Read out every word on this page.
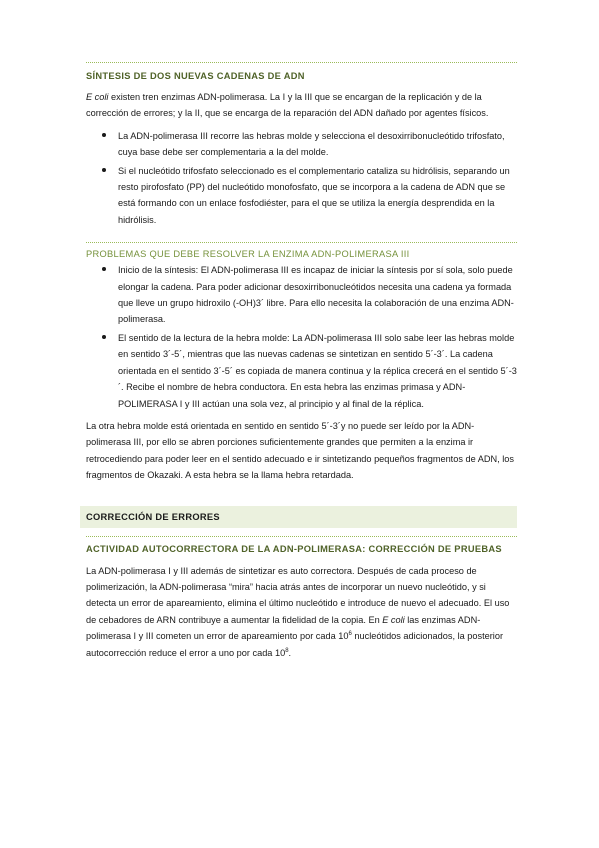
SÍNTESIS DE DOS NUEVAS CADENAS DE ADN

E coli existen tren enzimas ADN-polimerasa. La I y la III que se encargan de la replicación y de la corrección de errores; y la II, que se encarga de la reparación del ADN dañado por agentes físicos.

La ADN-polimerasa III recorre las hebras molde y selecciona el desoxirribonucleótido trifosfato, cuya base debe ser complementaria a la del molde.
Si el nucleótido trifosfato seleccionado es el complementario cataliza su hidrólisis, separando un resto pirofosfato (PP) del nucleótido monofosfato, que se incorpora a la cadena de ADN que se está formando con un enlace fosfodiéster, para el que se utiliza la energía desprendida en la hidrólisis.
PROBLEMAS QUE DEBE RESOLVER LA ENZIMA ADN-POLIMERASA III
Inicio de la síntesis: El ADN-polimerasa III es incapaz de iniciar la síntesis por sí sola, solo puede elongar la cadena. Para poder adicionar desoxirribonucleótidos necesita una cadena ya formada que lleve un grupo hidroxilo (-OH)3´ libre. Para ello necesita la colaboración de una enzima ADN-polimerasa.
El sentido de la lectura de la hebra molde: La ADN-polimerasa III solo sabe leer las hebras molde en sentido 3´-5´, mientras que las nuevas cadenas se sintetizan en sentido 5´-3´. La cadena orientada en el sentido 3´-5´ es copiada de manera continua y la réplica crecerá en el sentido 5´-3´. Recibe el nombre de hebra conductora. En esta hebra las enzimas primasa y ADN-POLIMERASA I y III actúan una sola vez, al principio y al final de la réplica.

La otra hebra molde está orientada en sentido en sentido 5´-3´y no puede ser leído por la ADN-polimerasa III, por ello se abren porciones suficientemente grandes que permiten a la enzima ir retrocediendo para poder leer en el sentido adecuado e ir sintetizando pequeños fragmentos de ADN, los fragmentos de Okazaki. A esta hebra se la llama hebra retardada.

CORRECCIÓN DE ERRORES
ACTIVIDAD AUTOCORRECTORA DE LA ADN-POLIMERASA: CORRECCIÓN DE PRUEBAS

La ADN-polimerasa I y III además de sintetizar es auto correctora. Después de cada proceso de polimerización, la ADN-polimerasa “mira” hacia atrás antes de incorporar un nuevo nucleótido, y si detecta un error de apareamiento, elimina el último nucleótido e introduce de nuevo el adecuado. El uso de cebadores de ARN contribuye a aumentar la fidelidad de la copia. En E coli las enzimas ADN-polimerasa I y III cometen un error de apareamiento por cada $10^6$ nucleótidos adicionados, la posterior autocorrección reduce el error a uno por cada $10^8$.
